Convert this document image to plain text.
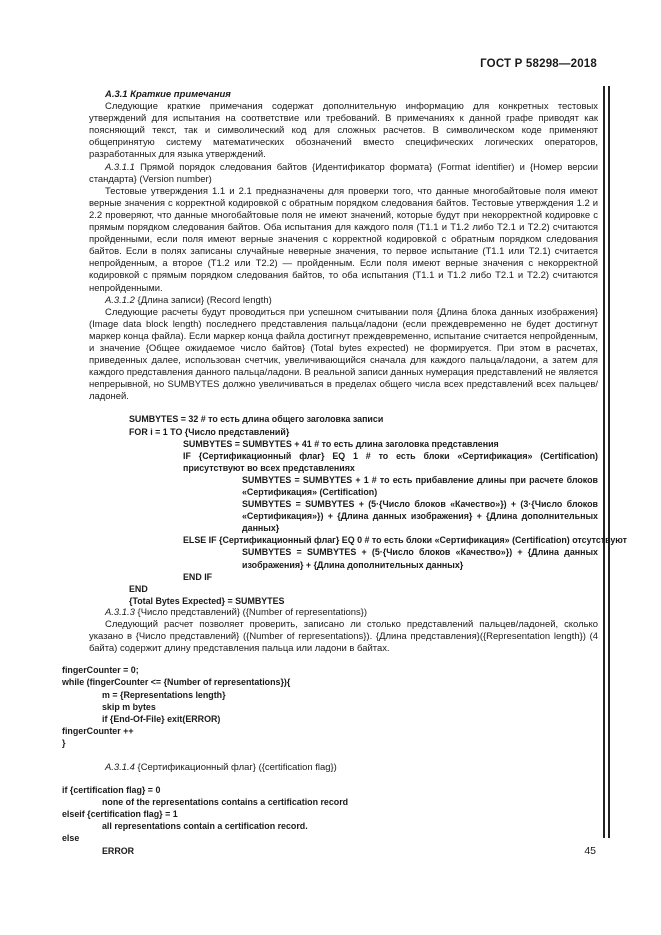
ГОСТ Р 58298—2018

A.3.1 Краткие примечания

Следующие краткие примечания содержат дополнительную информацию для конкретных тестовых утверждений для испытания на соответствие или требований. В примечаниях к данной графе приводят как поясняющий текст, так и символический код для сложных расчетов. В символическом коде применяют общепринятую систему математических обозначений вместо специфических логических операторов, разработанных для языка утверждений.

A.3.1.1 Прямой порядок следования байтов {Идентификатор формата} (Format identifier) и {Номер версии стандарта} (Version number)

Тестовые утверждения 1.1 и 2.1 предназначены для проверки того, что данные многобайтовые поля имеют верные значения с корректной кодировкой с обратным порядком следования байтов. Тестовые утверждения 1.2 и 2.2 проверяют, что данные многобайтовые поля не имеют значений, которые будут при некорректной кодировке с прямым порядком следования байтов. Оба испытания для каждого поля (T1.1 и T1.2 либо T2.1 и T2.2) считаются пройденными, если поля имеют верные значения с корректной кодировкой с обратным порядком следования байтов. Если в полях записаны случайные неверные значения, то первое испытание (T1.1 или T2.1) считается непройденным, а второе (T1.2 или T2.2) — пройденным. Если поля имеют верные значения с некорректной кодировкой с прямым порядком следования байтов, то оба испытания (T1.1 и T1.2 либо T2.1 и T2.2) считаются непройденными.

A.3.1.2 {Длина записи} (Record length)

Следующие расчеты будут проводиться при успешном считывании поля {Длина блока данных изображения} (Image data block length) последнего представления пальца/ладони (если преждевременно не будет достигнут маркер конца файла). Если маркер конца файла достигнут преждевременно, испытание считается непройденным, и значение {Общее ожидаемое число байтов} (Total bytes expected) не формируется. При этом в расчетах, приведенных далее, использован счетчик, увеличивающийся сначала для каждого пальца/ладони, а затем для каждого представления данного пальца/ладони. В реальной записи данных нумерация представлений не является непрерывной, но SUMBYTES должно увеличиваться в пределах общего числа всех представлений всех пальцев/ладоней.

SUMBYTES = 32 # то есть длина общего заголовка записи
FOR i = 1 TO {Число представлений}
SUMBYTES = SUMBYTES + 41 # то есть длина заголовка представления
IF {Сертификационный флаг} EQ 1 # то есть блоки «Сертификация» (Certification) присутствуют во всех представлениях
SUMBYTES = SUMBYTES + 1 # то есть прибавление длины при расчете блоков «Сертификация» (Certification)
SUMBYTES = SUMBYTES + (5·{Число блоков «Качество»}) + (3·{Число блоков «Сертификация»}) + {Длина данных изображения} + {Длина дополнительных данных}
ELSE IF {Сертификационный флаг} EQ 0 # то есть блоки «Сертификация» (Certification) отсутствуют
SUMBYTES = SUMBYTES + (5·{Число блоков «Качество»}) + {Длина данных изображения} + {Длина дополнительных данных}
END IF
END
{Total Bytes Expected} = SUMBYTES

A.3.1.3 {Число представлений} ({Number of representations})

Следующий расчет позволяет проверить, записано ли столько представлений пальцев/ладоней, сколько указано в {Число представлений} ({Number of representations}). {Длина представления}({Representation length}) (4 байта) содержит длину представления пальца или ладони в байтах.

fingerCounter = 0;
while (fingerCounter <= {Number of representations}){
m = {Representations length}
skip m bytes
if {End-Of-File} exit(ERROR)
fingerCounter ++
}

A.3.1.4 {Сертификационный флаг} ({certification flag})

if {certification flag} = 0
none of the representations contains a certification record
elseif {certification flag} = 1
all representations contain a certification record.
else
ERROR	45
